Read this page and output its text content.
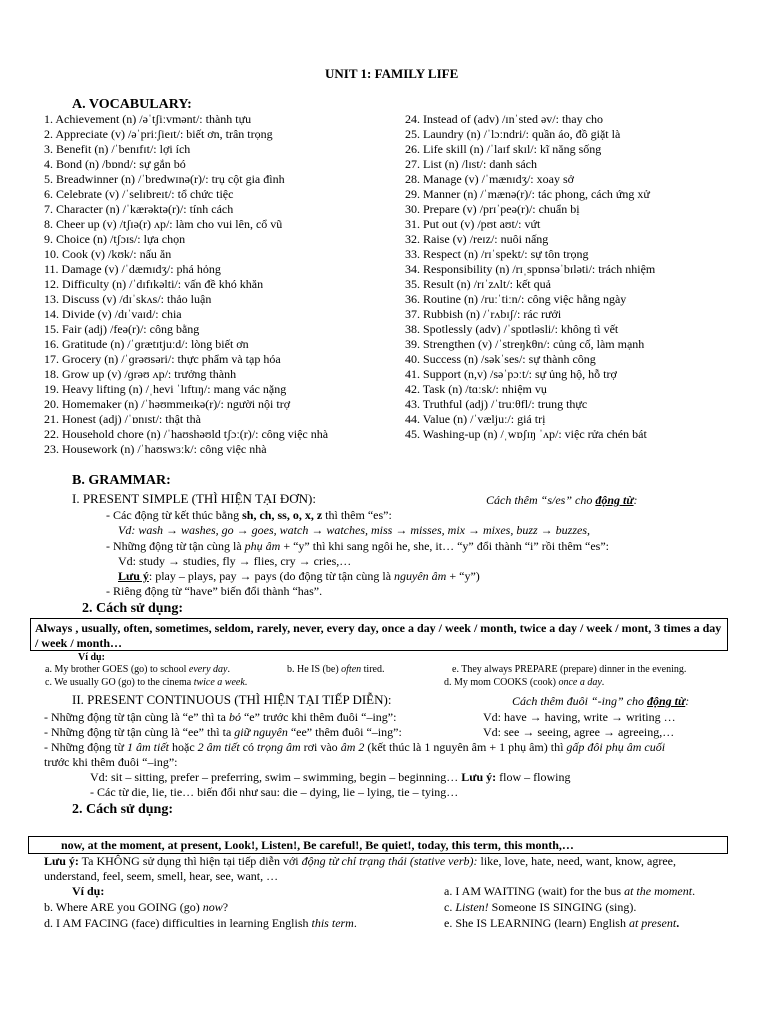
UNIT 1: FAMILY LIFE
A. VOCABULARY:
1. Achievement (n) /əˈtʃiːvmənt/: thành tựu
2. Appreciate (v) /əˈpriːʃieɪt/: biết ơn, trân trọng
3. Benefit (n) /ˈbenɪfɪt/: lợi ích
4. Bond (n) /bɒnd/: sự gắn bó
5. Breadwinner (n) /ˈbredwɪnə(r)/: trụ cột gia đình
6. Celebrate (v) /ˈselɪbreɪt/: tổ chức tiệc
7. Character (n) /ˈkærəktə(r)/: tính cách
8. Cheer up (v) /tʃɪə(r) ʌp/: làm cho vui lên, cổ vũ
9. Choice (n) /tʃɔɪs/: lựa chọn
10. Cook (v) /kʊk/: nấu ăn
11. Damage (v) /ˈdæmɪdʒ/: phá hỏng
12. Difficulty (n) /ˈdɪfɪkəlti/: vấn đề khó khăn
13. Discuss (v) /dɪˈskʌs/: thảo luận
14. Divide (v) /dɪˈvaɪd/: chia
15. Fair (adj) /feə(r)/: công bằng
16. Gratitude (n) /ˈɡrætɪtjuːd/: lòng biết ơn
17. Grocery (n) /ˈɡrəʊsəri/: thực phẩm và tạp hóa
18. Grow up (v) /ɡrəʊ ʌp/: trưởng thành
19. Heavy lifting (n) /ˌhevi ˈlɪftɪŋ/: mang vác nặng
20. Homemaker (n) /ˈhəʊmmeɪkə(r)/: người nội trợ
21. Honest (adj) /ˈɒnɪst/: thật thà
22. Household chore (n) /ˈhaʊshəʊld tʃɔː(r)/: công việc nhà
23. Housework (n) /ˈhaʊswɜːk/: công việc nhà
24. Instead of (adv) /ɪnˈsted əv/: thay cho
25. Laundry (n) /ˈlɔːndri/: quần áo, đồ giặt là
26. Life skill (n) /ˈlaɪf skɪl/: kĩ năng sống
27. List (n) /lɪst/: danh sách
28. Manage (v) /ˈmænɪdʒ/: xoay sở
29. Manner (n) /ˈmænə(r)/: tác phong, cách ứng xử
30. Prepare (v) /prɪˈpeə(r)/: chuẩn bị
31. Put out (v) /pʊt aʊt/: vứt
32. Raise (v) /reɪz/: nuôi nấng
33. Respect (n) /rɪˈspekt/: sự tôn trọng
34. Responsibility (n) /rɪˌspɒnsəˈbɪləti/: trách nhiệm
35. Result (n) /rɪˈzʌlt/: kết quả
36. Routine (n) /ruːˈtiːn/: công việc hằng ngày
37. Rubbish (n) /ˈrʌbɪʃ/: rác rưởi
38. Spotlessly (adv) /ˈspɒtləsli/: không tì vết
39. Strengthen (v) /ˈstreŋkθn/: củng cố, làm mạnh
40. Success (n) /səkˈses/: sự thành công
41. Support (n,v) /səˈpɔːt/: sự ủng hộ, hỗ trợ
42. Task (n) /tɑːsk/: nhiệm vụ
43. Truthful (adj) /ˈtruːθfl/: trung thực
44. Value (n) /ˈvæljuː/: giá trị
45. Washing-up (n) /ˌwɒʃɪŋ ˈʌp/: việc rửa chén bát
B. GRAMMAR:
I. PRESENT SIMPLE (THÌ HIỆN TẠI ĐƠN):	Cách thêm “s/es” cho động từ:
- Các động từ kết thúc bằng sh, ch, ss, o, x, z thì thêm “es”:
Vd: wash → washes, go → goes, watch → watches, miss → misses, mix → mixes, buzz → buzzes,
- Những động từ tận cùng là phụ âm + “y” thì khi sang ngôi he, she, it… “y” đổi thành “i” rồi thêm “es”:
Vd: study → studies, fly → flies, cry → cries,…
Lưu ý: play – plays, pay → pays (do động từ tận cùng là nguyên âm + “y”)
- Riêng động từ “have” biến đổi thành “has”.
2. Cách sử dụng:
Always , usually, often, sometimes, seldom, rarely, never, every day, once a day / week / month, twice a day / week / mont, 3 times a day / week / month…
Ví dụ:
a. My brother GOES (go) to school every day.	b. He IS (be) often tired.	e. They always PREPARE (prepare) dinner in the evening.
c. We usually GO (go) to the cinema twice a week.	d. My mom COOKS (cook) once a day.
II. PRESENT CONTINUOUS (THÌ HIỆN TẠI TIẾP DIỄN):	Cách thêm đuôi “-ing” cho động từ:
- Những động từ tận cùng là “e” thì ta bỏ “e” trước khi thêm đuôi “–ing”:	Vd: have → having, write → writing …
- Những động từ tận cùng là “ee” thì ta giữ nguyên “ee” thêm đuôi “–ing”:	Vd: see → seeing, agree → agreeing,…
- Những động từ 1 âm tiết hoặc 2 âm tiết có trọng âm rơi vào âm 2 (kết thúc là 1 nguyên âm + 1 phụ âm) thì gấp đôi phụ âm cuối
trước khi thêm đuôi “–ing”:
Vd: sit – sitting, prefer – preferring, swim – swimming, begin – beginning… Lưu ý: flow – flowing
- Các từ die, lie, tie… biến đổi như sau: die – dying, lie – lying, tie – tying…
2. Cách sử dụng:
now, at the moment, at present, Look!, Listen!, Be careful!, Be quiet!, today, this term, this month,…
Lưu ý: Ta KHÔNG sử dụng thì hiện tại tiếp diễn với động từ chỉ trạng thái (stative verb): like, love, hate, need, want, know, agree,
understand, feel, seem, smell, hear, see, want, …
Ví dụ:	a. I AM WAITING (wait) for the bus at the moment.
b. Where ARE you GOING (go) now?	c. Listen! Someone IS SINGING (sing).
d. I AM FACING (face) difficulties in learning English this term.	e. She IS LEARNING (learn) English at present.
